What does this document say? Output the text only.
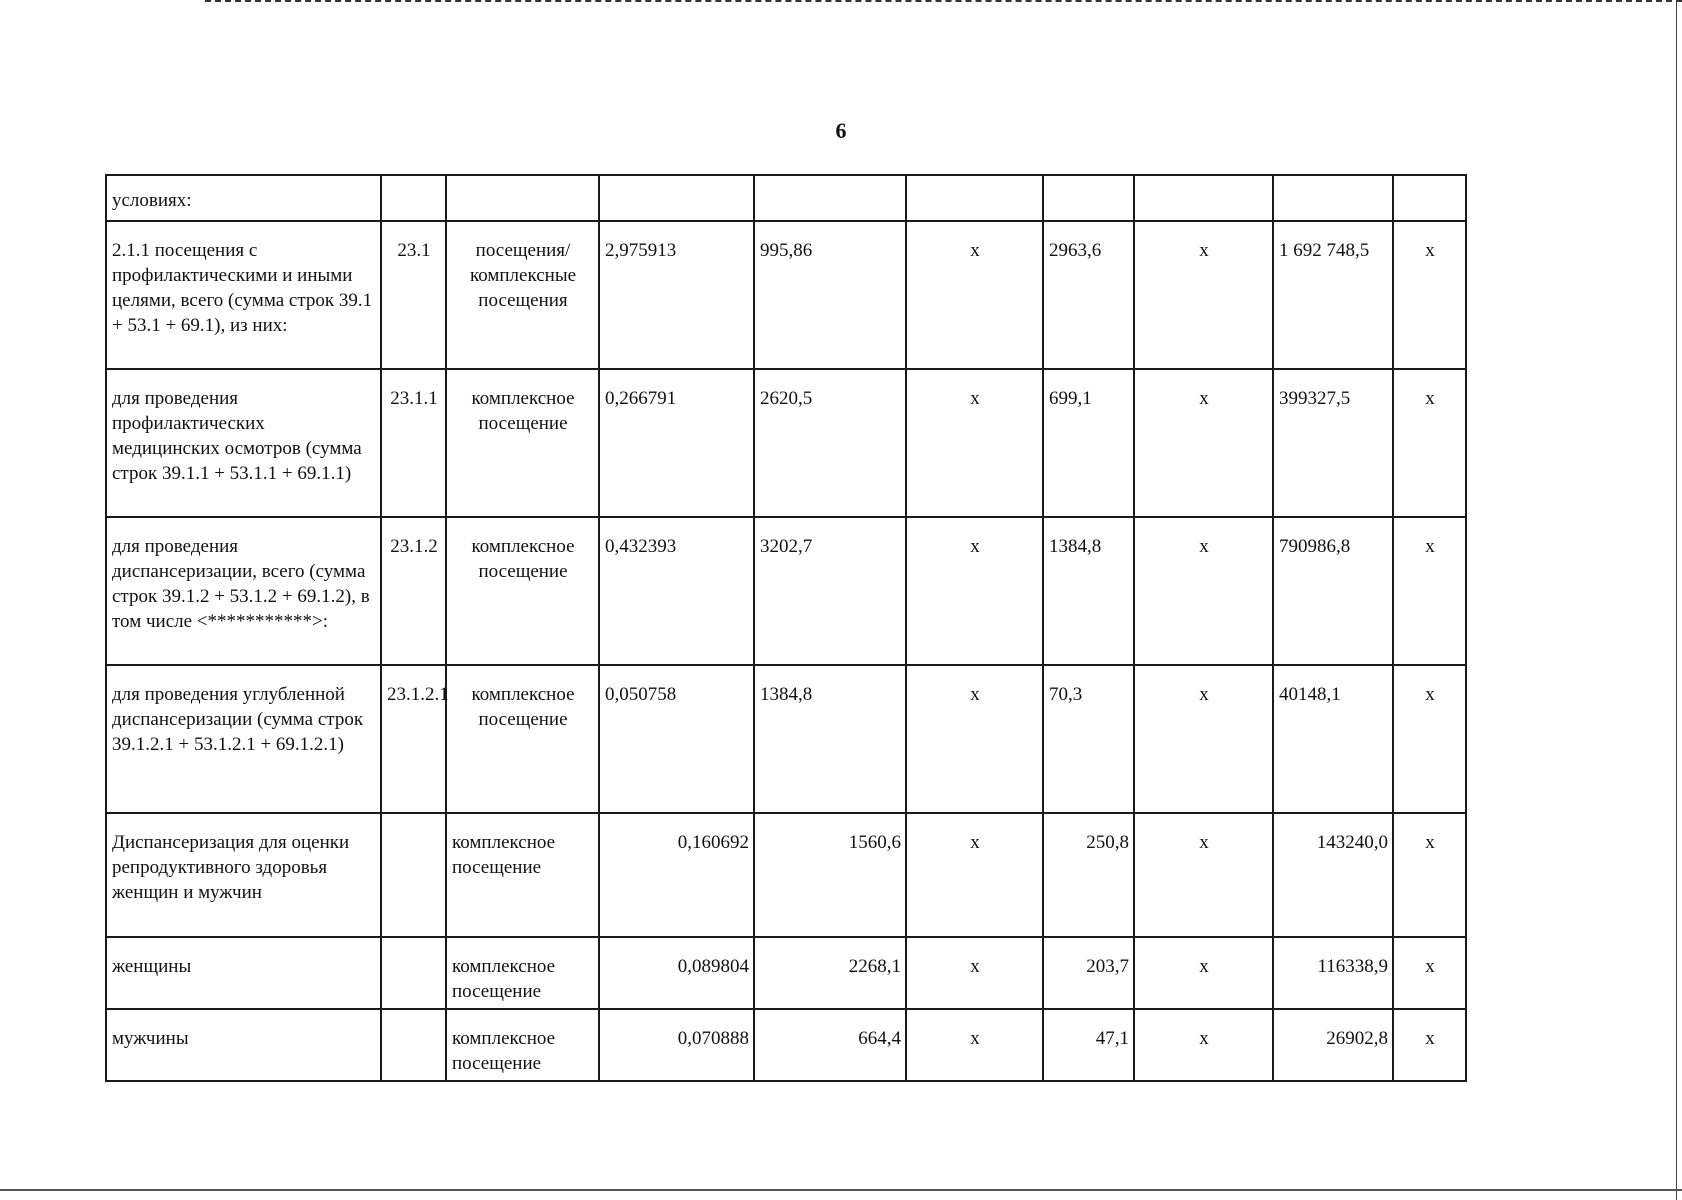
6
условиях:									
2.1.1 посещения с профилактическими и иными целями, всего (сумма строк 39.1 + 53.1 + 69.1), из них:	23.1	посещения/комплексные посещения	2,975913	995,86	х	2963,6	х	1 692 748,5	х
для проведения профилактических медицинских осмотров (сумма строк 39.1.1 + 53.1.1 + 69.1.1)	23.1.1	комплексное посещение	0,266791	2620,5	х	699,1	х	399327,5	х
для проведения диспансеризации, всего (сумма строк 39.1.2 + 53.1.2 + 69.1.2), в том числе <***********>:	23.1.2	комплексное посещение	0,432393	3202,7	х	1384,8	х	790986,8	х
для проведения углубленной диспансеризации (сумма строк 39.1.2.1 + 53.1.2.1 + 69.1.2.1)	23.1.2.1	комплексное посещение	0,050758	1384,8	х	70,3	х	40148,1	х
Диспансеризация для оценки репродуктивного здоровья женщин и мужчин		комплексное посещение	0,160692	1560,6	х	250,8	х	143240,0	х
женщины		комплексное посещение	0,089804	2268,1	х	203,7	х	116338,9	х
мужчины		комплексное посещение	0,070888	664,4	х	47,1	х	26902,8	х
